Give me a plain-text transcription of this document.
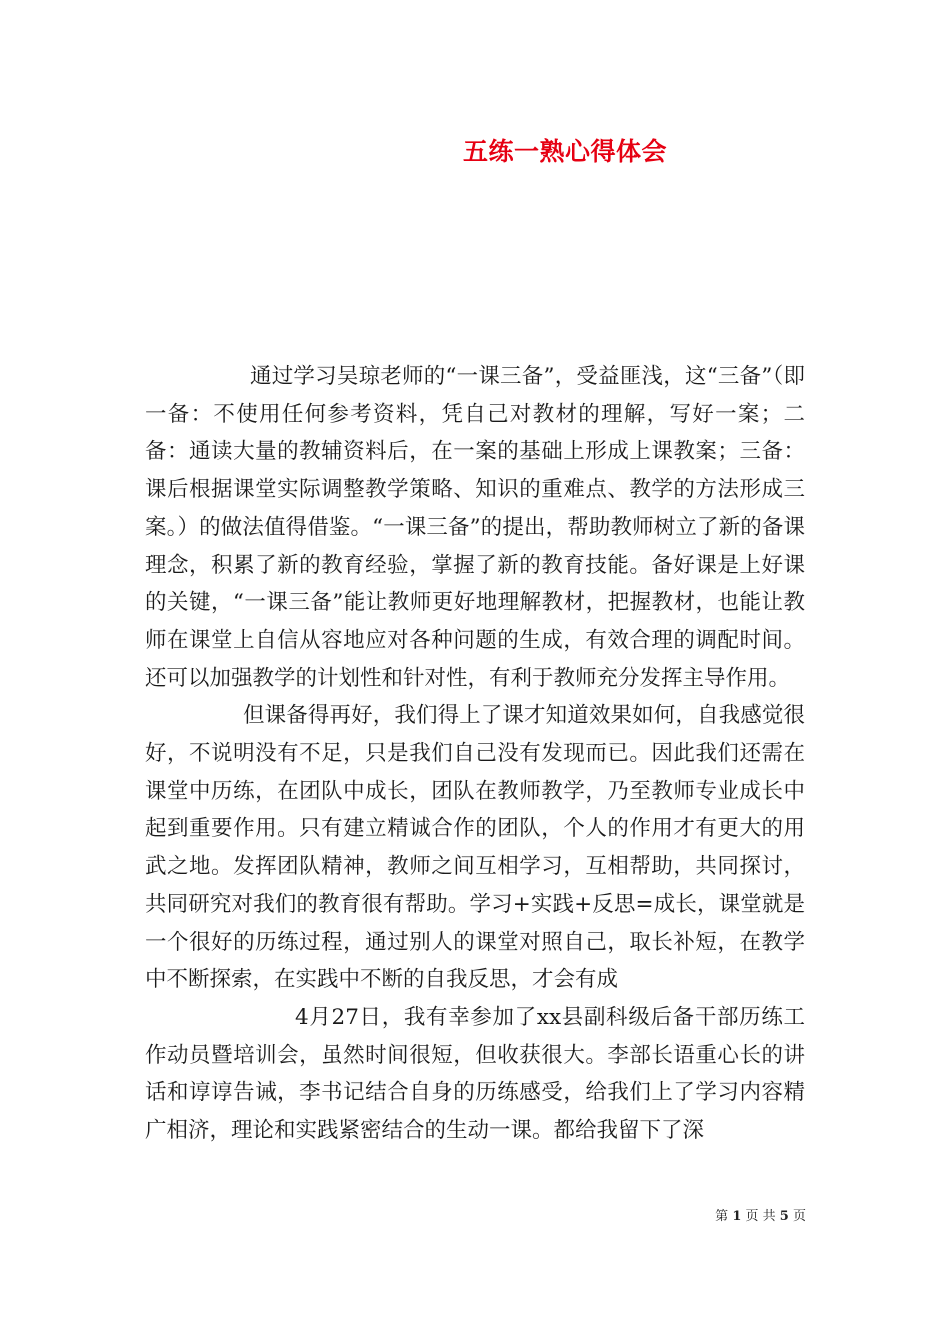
五练一熟心得体会

通过学习吴琼老师的“一课三备”，受益匪浅，这“三备”（即一备：不使用任何参考资料，凭自己对教材的理解，写好一案；二备：通读大量的教辅资料后，在一案的基础上形成上课教案；三备：课后根据课堂实际调整教学策略、知识的重难点、教学的方法形成三案。）的做法值得借鉴。“一课三备”的提出，帮助教师树立了新的备课理念，积累了新的教育经验，掌握了新的教育技能。备好课是上好课的关键，“一课三备”能让教师更好地理解教材，把握教材，也能让教师在课堂上自信从容地应对各种问题的生成，有效合理的调配时间。还可以加强教学的计划性和针对性，有利于教师充分发挥主导作用。

但课备得再好，我们得上了课才知道效果如何，自我感觉很好，不说明没有不足，只是我们自己没有发现而已。因此我们还需在课堂中历练，在团队中成长，团队在教师教学，乃至教师专业成长中起到重要作用。只有建立精诚合作的团队，个人的作用才有更大的用武之地。发挥团队精神，教师之间互相学习，互相帮助，共同探讨，共同研究对我们的教育很有帮助。学习+实践+反思=成长，课堂就是一个很好的历练过程，通过别人的课堂对照自己，取长补短，在教学中不断探索，在实践中不断的自我反思，才会有成

4月27日，我有幸参加了xx县副科级后备干部历练工作动员暨培训会，虽然时间很短，但收获很大。李部长语重心长的讲话和谆谆告诫，李书记结合自身的历练感受，给我们上了学习内容精广相济，理论和实践紧密结合的生动一课。都给我留下了深

第 1 页 共 5 页
